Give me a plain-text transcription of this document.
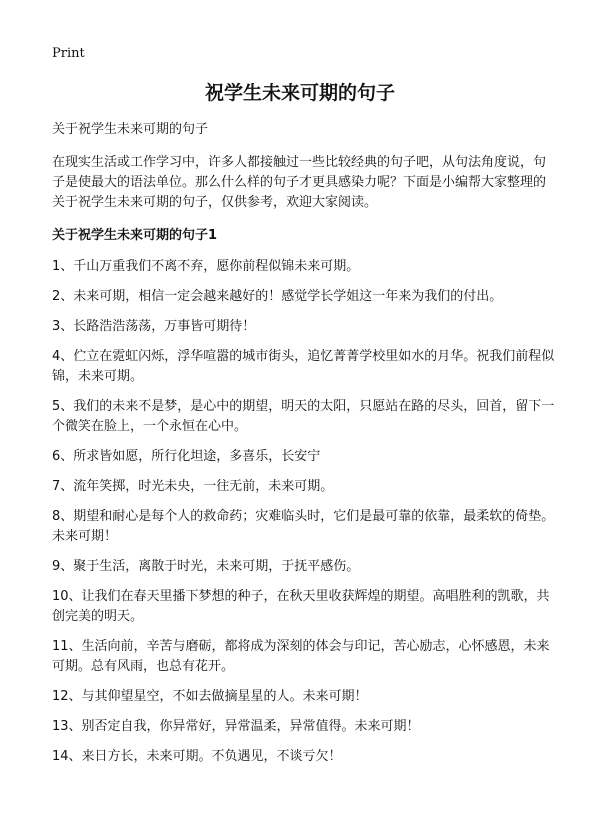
Print
祝学生未来可期的句子

关于祝学生未来可期的句子

在现实生活或工作学习中，许多人都接触过一些比较经典的句子吧，从句法角度说，句子是使最大的语法单位。那么什么样的句子才更具感染力呢？下面是小编帮大家整理的关于祝学生未来可期的句子，仅供参考，欢迎大家阅读。

关于祝学生未来可期的句子1

1、千山万重我们不离不弃，愿你前程似锦未来可期。
2、未来可期，相信一定会越来越好的！感觉学长学姐这一年来为我们的付出。
3、长路浩浩荡荡，万事皆可期待！
4、伫立在霓虹闪烁，浮华喧嚣的城市街头，追忆菁菁学校里如水的月华。祝我们前程似锦，未来可期。
5、我们的未来不是梦，是心中的期望，明天的太阳，只愿站在路的尽头，回首，留下一个微笑在脸上，一个永恒在心中。
6、所求皆如愿，所行化坦途，多喜乐，长安宁
7、流年笑掷，时光未央，一往无前，未来可期。
8、期望和耐心是每个人的救命药；灾难临头时，它们是最可靠的依靠，最柔软的倚垫。未来可期！
9、聚于生活，离散于时光，未来可期，于抚平感伤。
10、让我们在春天里播下梦想的种子，在秋天里收获辉煌的期望。高唱胜利的凯歌，共创完美的明天。
11、生活向前，辛苦与磨砺，都将成为深刻的体会与印记，苦心励志，心怀感恩，未来可期。总有风雨，也总有花开。
12、与其仰望星空，不如去做摘星星的人。未来可期！
13、别否定自我，你异常好，异常温柔，异常值得。未来可期！
14、来日方长，未来可期。不负遇见，不谈亏欠！
